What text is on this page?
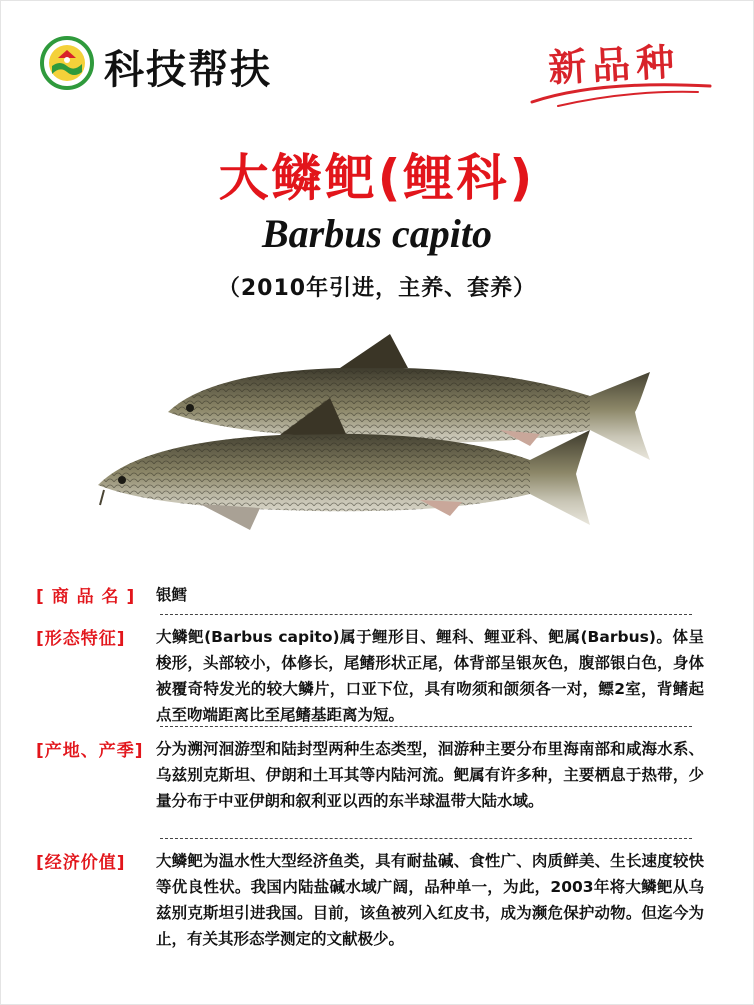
科技帮扶	新品种
大鳞鲃(鲤科)
Barbus capito
（2010年引进，主养、套养）
[ 商 品 名 ] 银鳕
[形态特征] 大鳞鲃(Barbus capito)属于鲤形目、鲤科、鲤亚科、鲃属(Barbus)。体呈梭形，头部较小，体修长，尾鳍形状正尾，体背部呈银灰色，腹部银白色，身体被覆奇特发光的较大鳞片，口亚下位，具有吻须和颌须各一对，鳔2室，背鳍起点至吻端距离比至尾鳍基距离为短。
[产地、产季] 分为溯河洄游型和陆封型两种生态类型，洄游种主要分布里海南部和咸海水系、乌兹别克斯坦、伊朗和土耳其等内陆河流。鲃属有许多种，主要栖息于热带，少量分布于中亚伊朗和叙利亚以西的东半球温带大陆水域。
[经济价值] 大鳞鲃为温水性大型经济鱼类，具有耐盐碱、食性广、肉质鲜美、生长速度较快等优良性状。我国内陆盐碱水域广阔，品种单一，为此，2003年将大鳞鲃从乌兹别克斯坦引进我国。目前，该鱼被列入红皮书，成为濒危保护动物。但迄今为止，有关其形态学测定的文献极少。
